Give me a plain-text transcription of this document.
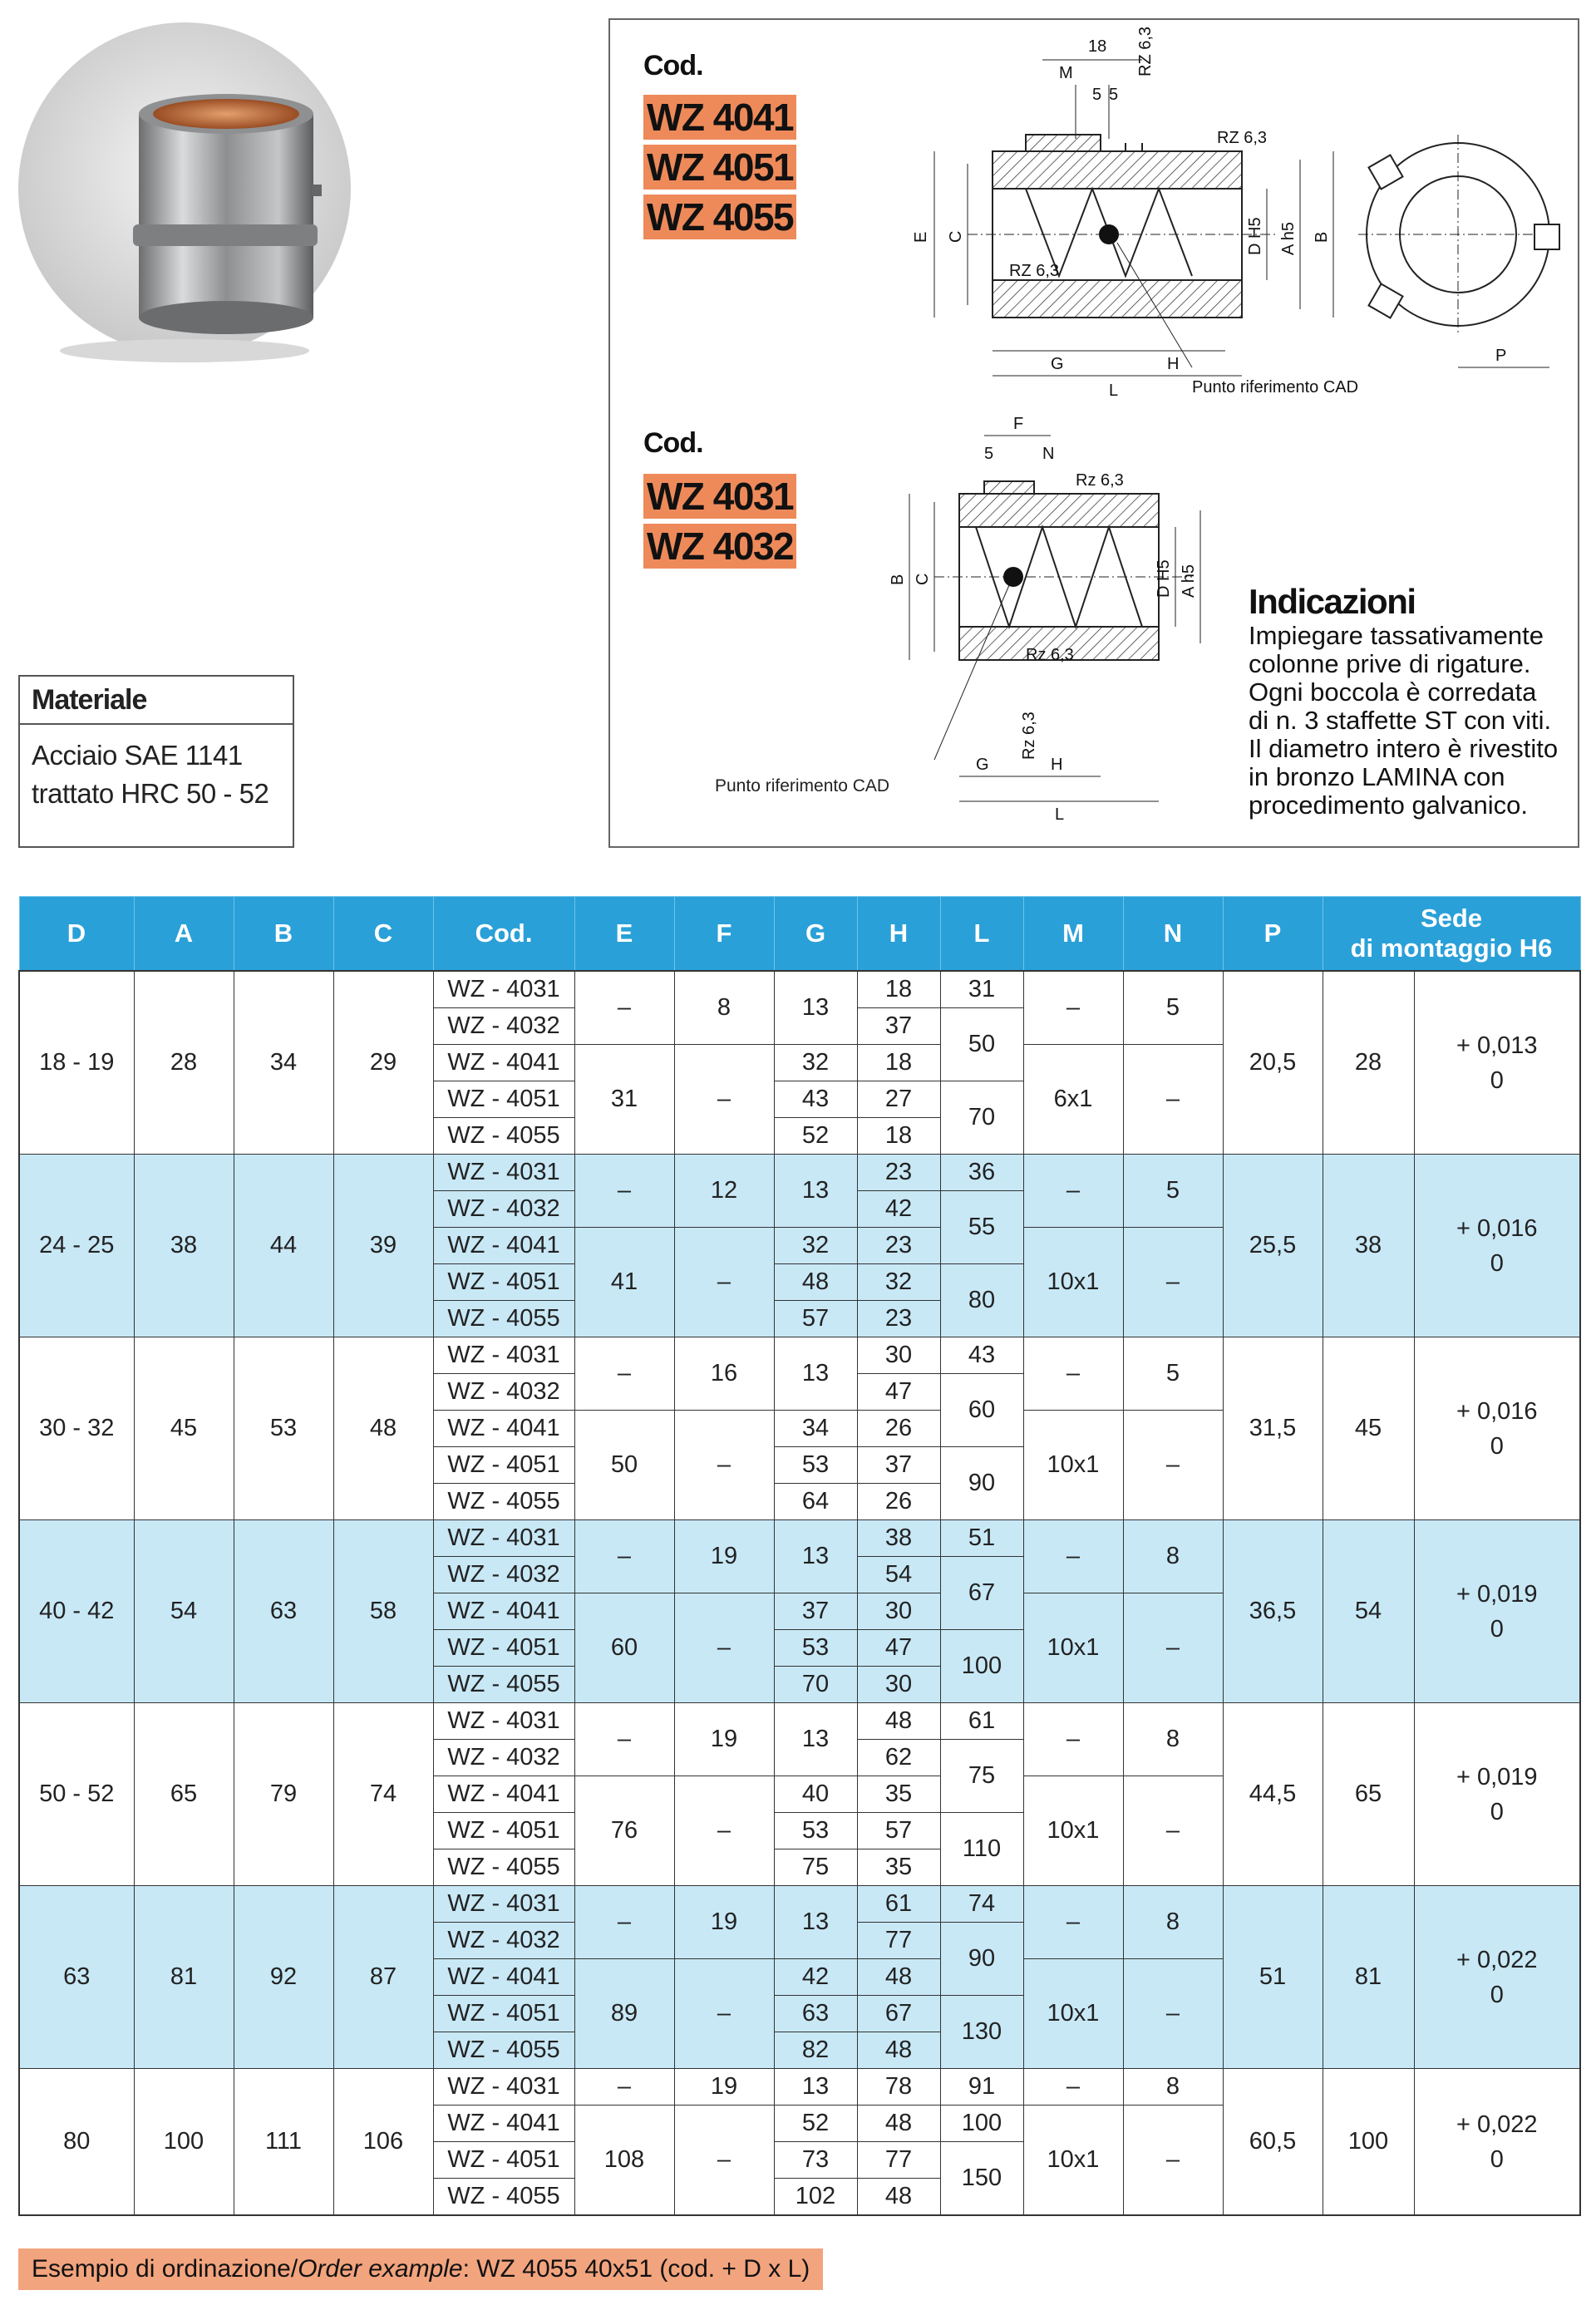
Materiale
Acciaio SAE 1141
trattato HRC 50 - 52
Cod.
WZ 4041
WZ 4051
WZ 4055
Cod.
WZ 4031
WZ 4032
18
M
5 5
RZ 6,3
RZ 6,3
E C	D H5 A h5 B
RZ 6,3
G	H
L	Punto riferimento CAD
P
F
5	N
Rz 6,3
B C	D H5 A h5
Rz 6,3
Rz 6,3
G	H
L
Punto riferimento CAD
Indicazioni
Impiegare tassativamente
colonne prive di rigature.
Ogni boccola è corredata
di n. 3 staffette ST con viti.
Il diametro intero è rivestito
in bronzo LAMINA con
procedimento galvanico.
D	A	B	C	Cod.	E	F	G	H	L	M	N	P	Sede
di montaggio H6	

18 - 19	28	34	29	WZ - 4031	–	8	13	18	31	–	5	20,5	28	+ 0,013
0

				WZ - 4032				37	50					
				WZ - 4041	31	–	32	18		6x1	–			
				WZ - 4051			43	27	70					
				WZ - 4055			52	18						
24 - 25	38	44	39	WZ - 4031	–	12	13	23	36	–	5	25,5	38	+ 0,016
0

				WZ - 4032				42	55					
				WZ - 4041	41	–	32	23		10x1	–			
				WZ - 4051			48	32	80					
				WZ - 4055			57	23						
30 - 32	45	53	48	WZ - 4031	–	16	13	30	43	–	5	31,5	45	+ 0,016
0

				WZ - 4032				47	60					
				WZ - 4041	50	–	34	26		10x1	–			
				WZ - 4051			53	37	90					
				WZ - 4055			64	26						
40 - 42	54	63	58	WZ - 4031	–	19	13	38	51	–	8	36,5	54	+ 0,019
0

				WZ - 4032				54	67					
				WZ - 4041	60	–	37	30		10x1	–			
				WZ - 4051			53	47	100					
				WZ - 4055			70	30						
50 - 52	65	79	74	WZ - 4031	–	19	13	48	61	–	8	44,5	65	+ 0,019
0

				WZ - 4032				62	75					
				WZ - 4041	76	–	40	35		10x1	–			
				WZ - 4051			53	57	110					
				WZ - 4055			75	35						
63	81	92	87	WZ - 4031	–	19	13	61	74	–	8	51	81	+ 0,022
0

				WZ - 4032				77	90					
				WZ - 4041	89	–	42	48		10x1	–			
				WZ - 4051			63	67	130					
				WZ - 4055			82	48						
80	100	111	106	WZ - 4031	–	19	13	78	91	–	8	60,5	100	+ 0,022
0

				WZ - 4041	108	–	52	48	100	10x1	–			
				WZ - 4051			73	77	150					
				WZ - 4055			102	48						
Esempio di ordinazione/ Order example : WZ 4055 40x51 (cod. + D x L)
